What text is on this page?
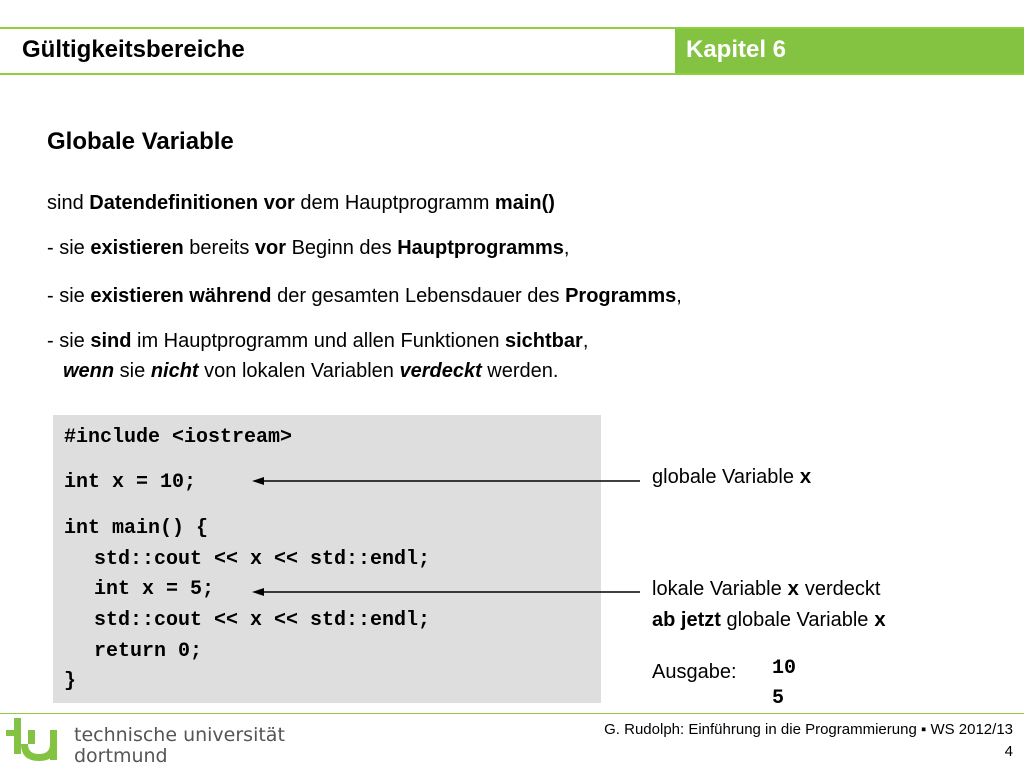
Gültigkeitsbereiche	Kapitel 6
Globale Variable
sind Datendefinitionen vor dem Hauptprogramm main()
- sie existieren bereits vor Beginn des Hauptprogramms,
- sie existieren während der gesamten Lebensdauer des Programms,
- sie sind im Hauptprogramm und allen Funktionen sichtbar,
wenn sie nicht von lokalen Variablen verdeckt werden.
#include <iostream>
int x = 10;
int main() {
std::cout << x << std::endl;
int x = 5;
std::cout << x << std::endl;
return 0;
}
globale Variable x
lokale Variable x verdeckt
ab jetzt globale Variable x
Ausgabe: 10
5
technische universität
dortmund
G. Rudolph: Einführung in die Programmierung ▪ WS 2012/13
4
